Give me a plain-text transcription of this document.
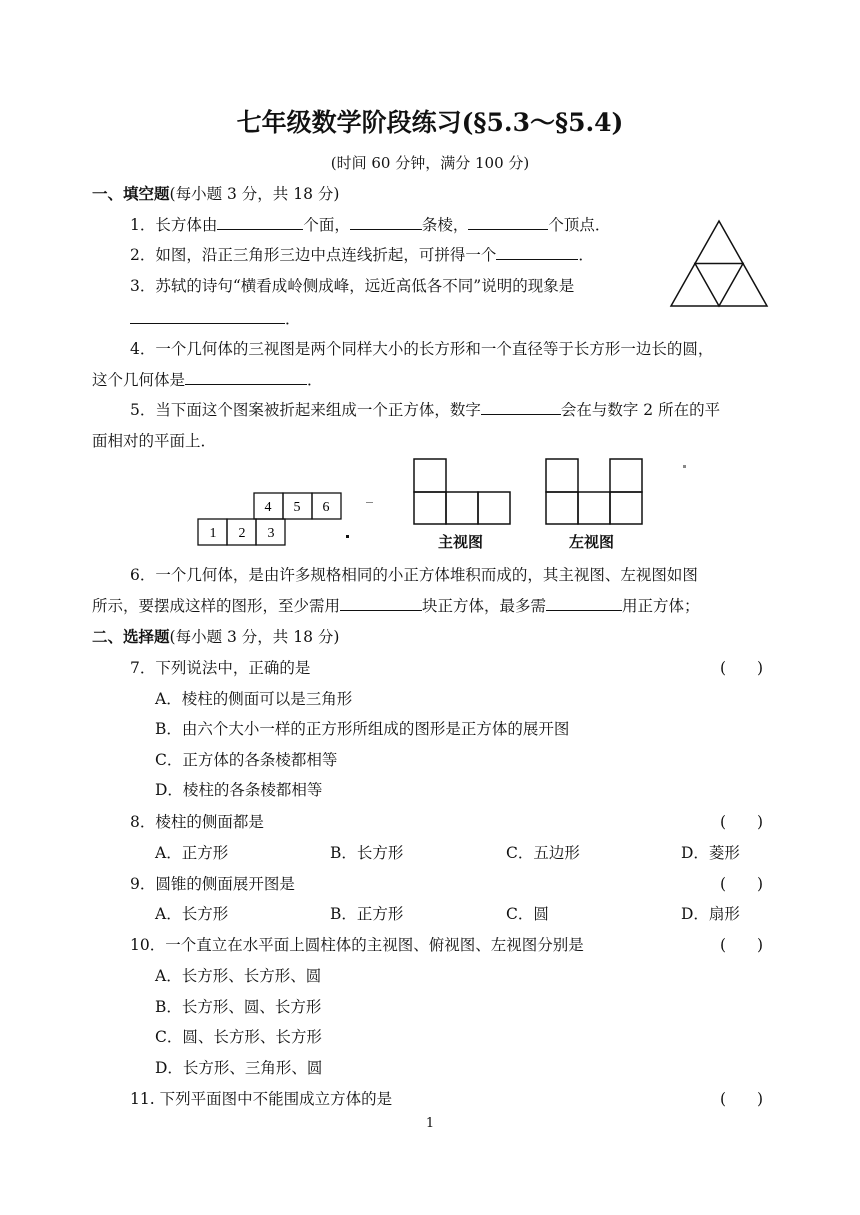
七年级数学阶段练习(§5.3～§5.4)
(时间 60 分钟，满分 100 分)
一、填空题(每小题 3 分，共 18 分)
1．长方体由	个面，	条棱，	个顶点．
2．如图，沿正三角形三边中点连线折起，可拼得一个	．
3．苏轼的诗句“横看成岭侧成峰，远近高低各不同”说明的现象是
．
4．一个几何体的三视图是两个同样大小的长方形和一个直径等于长方形一边长的圆，
这个几何体是	．
5．当下面这个图案被折起来组成一个正方体，数字	会在与数字 2 所在的平
面相对的平面上．
1 2 3
4 5 6
主视图	左视图
6．一个几何体，是由许多规格相同的小正方体堆积而成的，其主视图、左视图如图
所示，要摆成这样的图形，至少需用	块正方体，最多需	用正方体；
二、选择题(每小题 3 分，共 18 分)
7．下列说法中，正确的是	(　　)
A．棱柱的侧面可以是三角形
B．由六个大小一样的正方形所组成的图形是正方体的展开图
C．正方体的各条棱都相等
D．棱柱的各条棱都相等
8．棱柱的侧面都是	(　　)
A．正方形	B．长方形	C．五边形	D．菱形
9．圆锥的侧面展开图是	(　　)
A．长方形	B．正方形	C．圆	D．扇形
10．一个直立在水平面上圆柱体的主视图、俯视图、左视图分别是	(　　)
A．长方形、长方形、圆
B．长方形、圆、长方形
C．圆、长方形、长方形
D．长方形、三角形、圆
11. 下列平面图中不能围成立方体的是	(　　)
1
